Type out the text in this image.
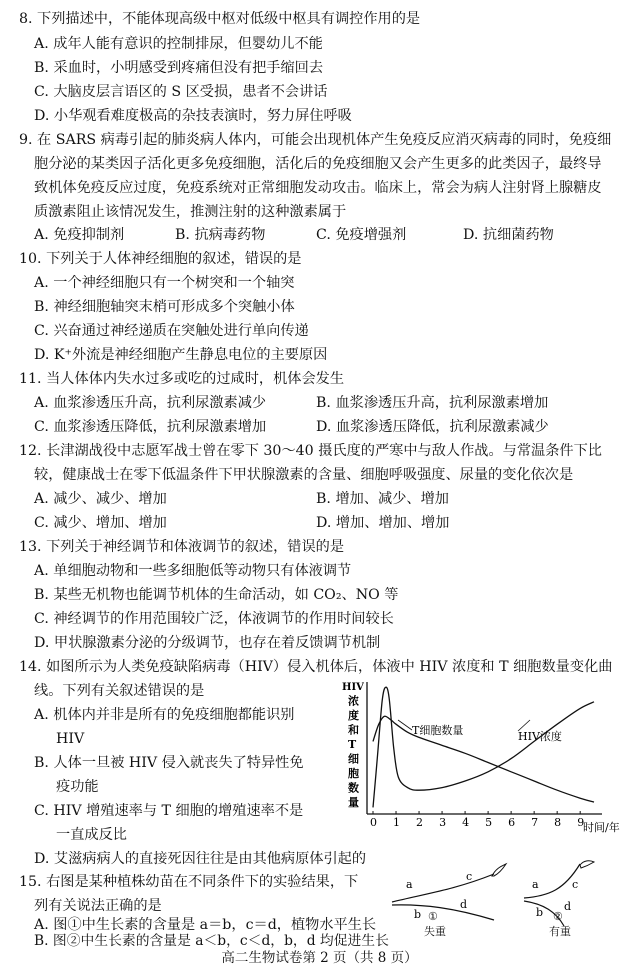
8. 下列描述中，不能体现高级中枢对低级中枢具有调控作用的是
A. 成年人能有意识的控制排尿，但婴幼儿不能
B. 采血时，小明感受到疼痛但没有把手缩回去
C. 大脑皮层言语区的 S 区受损，患者不会讲话
D. 小华观看难度极高的杂技表演时，努力屏住呼吸
9. 在 SARS 病毒引起的肺炎病人体内，可能会出现机体产生免疫反应消灭病毒的同时，免疫细
胞分泌的某类因子活化更多免疫细胞，活化后的免疫细胞又会产生更多的此类因子，最终导
致机体免疫反应过度，免疫系统对正常细胞发动攻击。临床上，常会为病人注射肾上腺糖皮
质激素阻止该情况发生，推测注射的这种激素属于
A. 免疫抑制剂	B. 抗病毒药物	C. 免疫增强剂	D. 抗细菌药物
10. 下列关于人体神经细胞的叙述，错误的是
A. 一个神经细胞只有一个树突和一个轴突
B. 神经细胞轴突末梢可形成多个突触小体
C. 兴奋通过神经递质在突触处进行单向传递
D. K⁺外流是神经细胞产生静息电位的主要原因
11. 当人体体内失水过多或吃的过咸时，机体会发生
A. 血浆渗透压升高，抗利尿激素减少	B. 血浆渗透压升高，抗利尿激素增加
C. 血浆渗透压降低，抗利尿激素增加	D. 血浆渗透压降低，抗利尿激素减少
12. 长津湖战役中志愿军战士曾在零下 30～40 摄氏度的严寒中与敌人作战。与常温条件下比
较，健康战士在零下低温条件下甲状腺激素的含量、细胞呼吸强度、尿量的变化依次是
A. 减少、减少、增加	B. 增加、减少、增加
C. 减少、增加、增加	D. 增加、增加、增加
13. 下列关于神经调节和体液调节的叙述，错误的是
A. 单细胞动物和一些多细胞低等动物只有体液调节
B. 某些无机物也能调节机体的生命活动，如 CO₂、NO 等
C. 神经调节的作用范围较广泛，体液调节的作用时间较长
D. 甲状腺激素分泌的分级调节，也存在着反馈调节机制
14. 如图所示为人类免疫缺陷病毒（HIV）侵入机体后，体液中 HIV 浓度和 T 细胞数量变化曲
线。下列有关叙述错误的是
A. 机体内并非是所有的免疫细胞都能识别
HIV
B. 人体一旦被 HIV 侵入就丧失了特异性免
疫功能
C. HIV 增殖速率与 T 细胞的增殖速率不是
一直成反比
D. 艾滋病病人的直接死因往往是由其他病原体引起的
HIV
浓
度
和
T
细
胞
数
量
0 1 2 3 4 5 6 7 8 9
时间/年
T细胞数量	HIV浓度
15. 右图是某种植株幼苗在不同条件下的实验结果，下
列有关说法正确的是
A. 图①中生长素的含量是 a＝b，c＝d，植物水平生长
a
b
c
d
a
b
c
d
①
失重
②
有重
高二生物试卷第 2 页（共 8 页）
B. 图②中生长素的含量是 a＜b，c＜d，b，d 均促进生长
